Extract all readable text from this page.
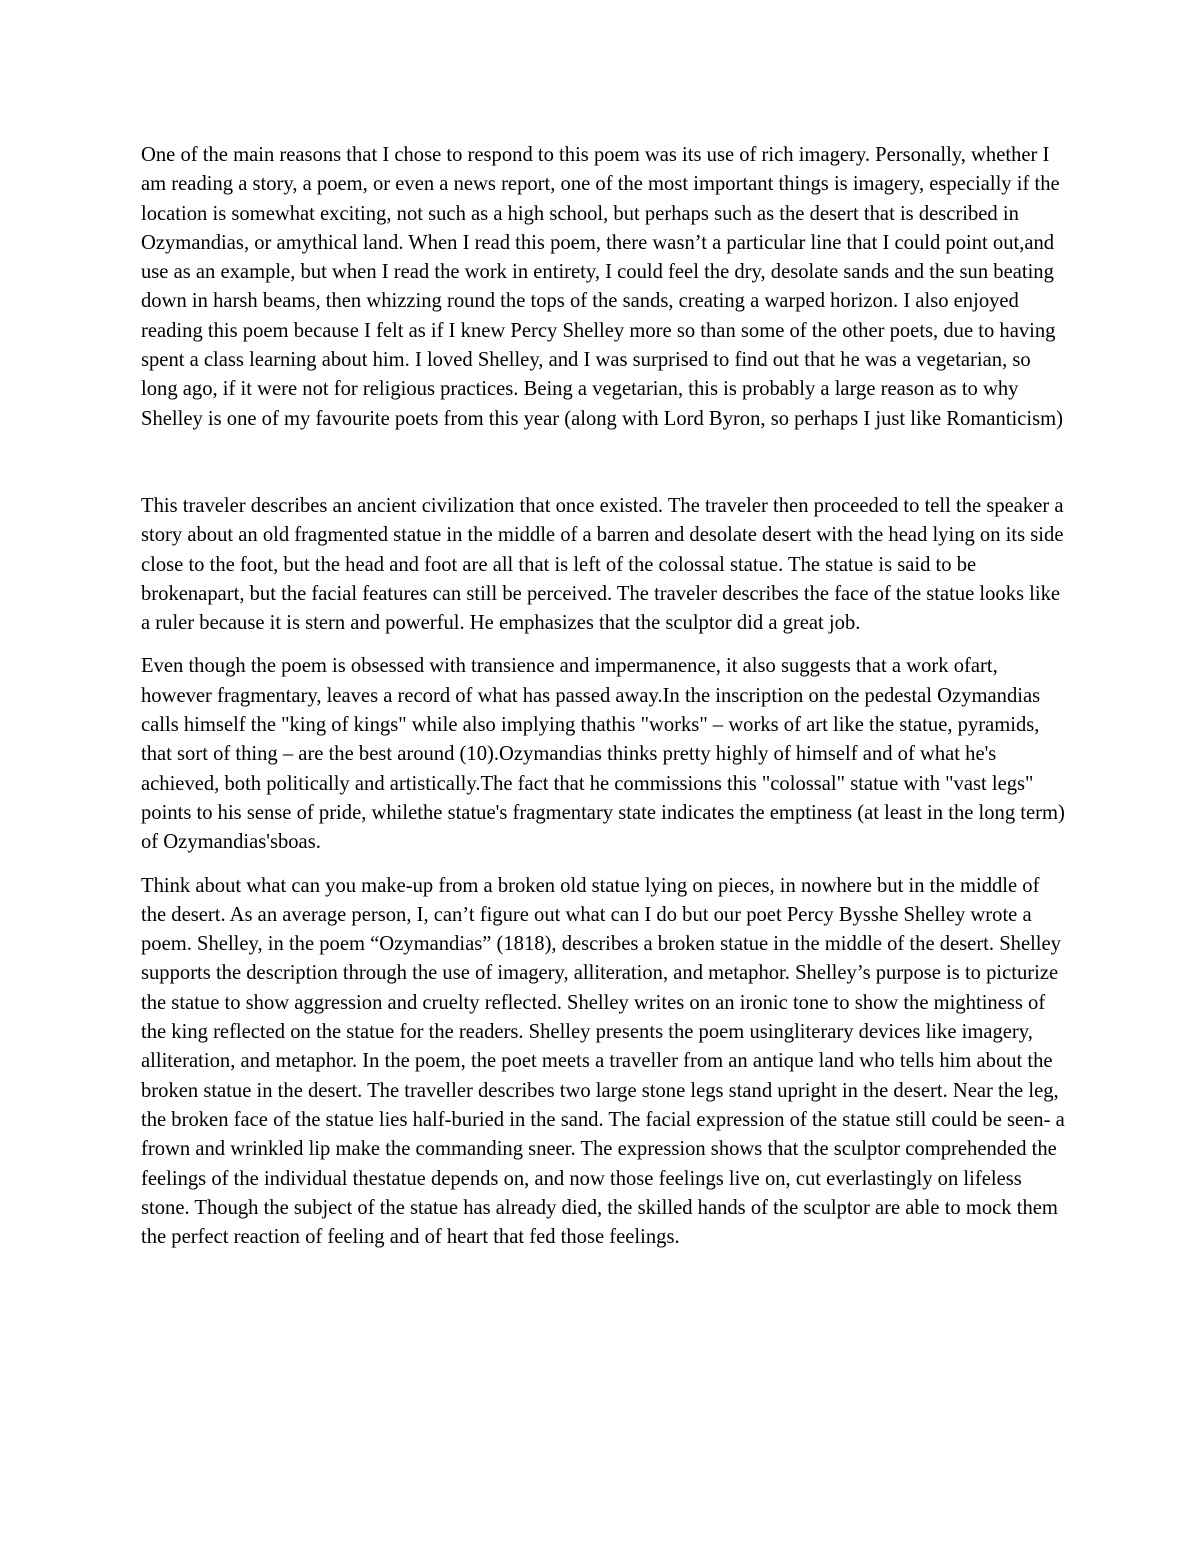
One of the main reasons that I chose to respond to this poem was its use of rich imagery. Personally, whether I am reading a story, a poem, or even a news report, one of the most important things is imagery, especially if the location is somewhat exciting, not such as a high school, but perhaps such as the desert that is described in Ozymandias, or amythical land. When I read this poem, there wasn’t a particular line that I could point out,and use as an example, but when I read the work in entirety, I could feel the dry, desolate sands and the sun beating down in harsh beams, then whizzing round the tops of the sands, creating a warped horizon. I also enjoyed reading this poem because I felt as if I knew Percy Shelley more so than some of the other poets, due to having spent a class learning about him. I loved Shelley, and I was surprised to find out that he was a vegetarian, so long ago, if it were not for religious practices. Being a vegetarian, this is probably a large reason as to why Shelley is one of my favourite poets from this year (along with Lord Byron, so perhaps I just like Romanticism)

This traveler describes an ancient civilization that once existed. The traveler then proceeded to tell the speaker a story about an old fragmented statue in the middle of a barren and desolate desert with the head lying on its side close to the foot, but the head and foot are all that is left of the colossal statue. The statue is said to be brokenapart, but the facial features can still be perceived. The traveler describes the face of the statue looks like a ruler because it is stern and powerful. He emphasizes that the sculptor did a great job.

Even though the poem is obsessed with transience and impermanence, it also suggests that a work ofart, however fragmentary, leaves a record of what has passed away.In the inscription on the pedestal Ozymandias calls himself the "king of kings" while also implying thathis "works" – works of art like the statue, pyramids, that sort of thing – are the best around (10).Ozymandias thinks pretty highly of himself and of what he's achieved, both politically and artistically.The fact that he commissions this "colossal" statue with "vast legs" points to his sense of pride, whilethe statue's fragmentary state indicates the emptiness (at least in the long term) of Ozymandias'sboas.

Think about what can you make-up from a broken old statue lying on pieces, in nowhere but in the middle of the desert. As an average person, I, can’t figure out what can I do but our poet Percy Bysshe Shelley wrote a poem. Shelley, in the poem “Ozymandias” (1818), describes a broken statue in the middle of the desert. Shelley supports the description through the use of imagery, alliteration, and metaphor. Shelley’s purpose is to picturize the statue to show aggression and cruelty reflected. Shelley writes on an ironic tone to show the mightiness of the king reflected on the statue for the readers. Shelley presents the poem usingliterary devices like imagery, alliteration, and metaphor. In the poem, the poet meets a traveller from an antique land who tells him about the broken statue in the desert. The traveller describes two large stone legs stand upright in the desert. Near the leg, the broken face of the statue lies half-buried in the sand. The facial expression of the statue still could be seen- a frown and wrinkled lip make the commanding sneer. The expression shows that the sculptor comprehended the feelings of the individual thestatue depends on, and now those feelings live on, cut everlastingly on lifeless stone. Though the subject of the statue has already died, the skilled hands of the sculptor are able to mock them the perfect reaction of feeling and of heart that fed those feelings.
